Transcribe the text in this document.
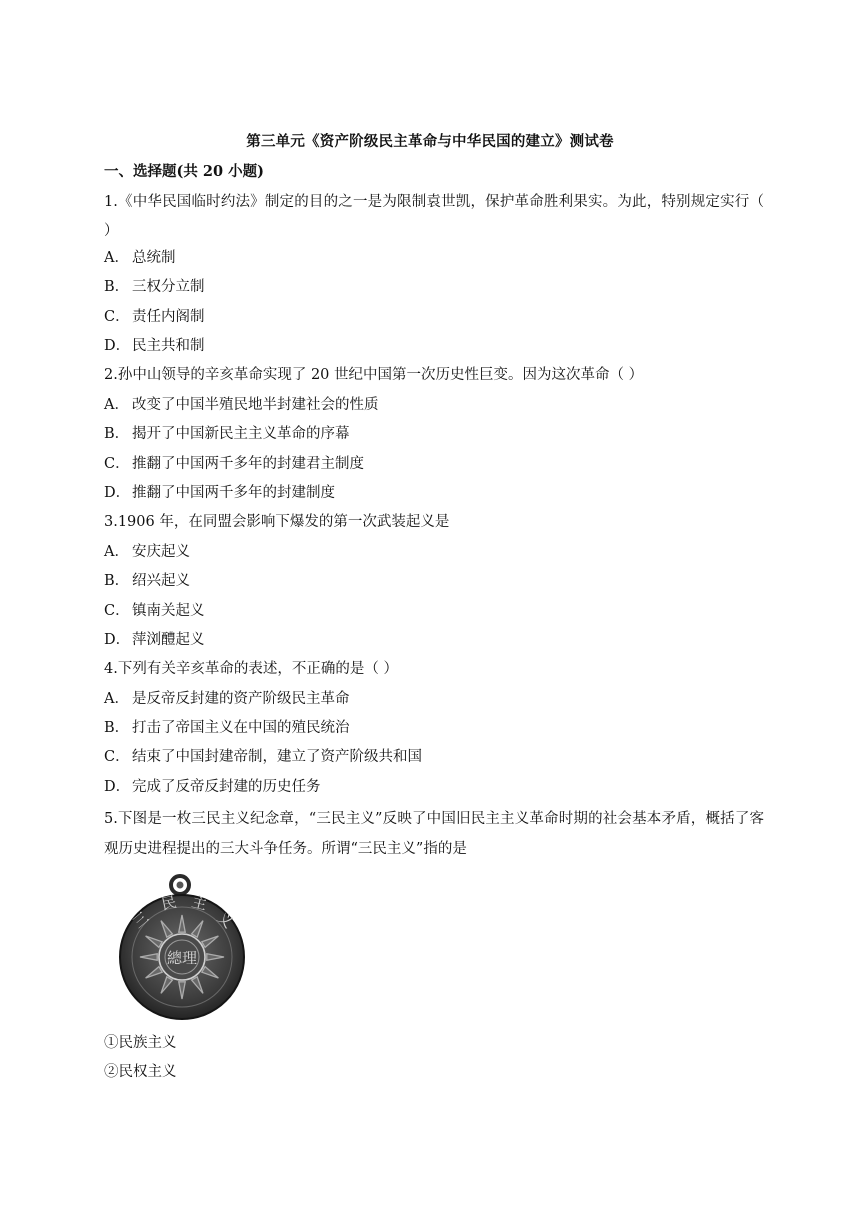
第三单元《资产阶级民主革命与中华民国的建立》测试卷
一、选择题(共 20 小题)
1.《中华民国临时约法》制定的目的之一是为限制袁世凯，保护革命胜利果实。为此，特别规定实行（ ）
A． 总统制
B． 三权分立制
C． 责任内阁制
D． 民主共和制
2.孙中山领导的辛亥革命实现了 20 世纪中国第一次历史性巨变。因为这次革命（ ）
A． 改变了中国半殖民地半封建社会的性质
B． 揭开了中国新民主主义革命的序幕
C． 推翻了中国两千多年的封建君主制度
D． 推翻了中国两千多年的封建制度
3.1906 年，在同盟会影响下爆发的第一次武装起义是
A． 安庆起义
B． 绍兴起义
C． 镇南关起义
D． 萍浏醴起义
4.下列有关辛亥革命的表述，不正确的是（ ）
A． 是反帝反封建的资产阶级民主革命
B． 打击了帝国主义在中国的殖民统治
C． 结束了中国封建帝制，建立了资产阶级共和国
D． 完成了反帝反封建的历史任务
5.下图是一枚三民主义纪念章，“三民主义”反映了中国旧民主主义革命时期的社会基本矛盾，概括了客观历史进程提出的三大斗争任务。所谓“三民主义”指的是
總理
三
民 主
义
①民族主义
②民权主义
